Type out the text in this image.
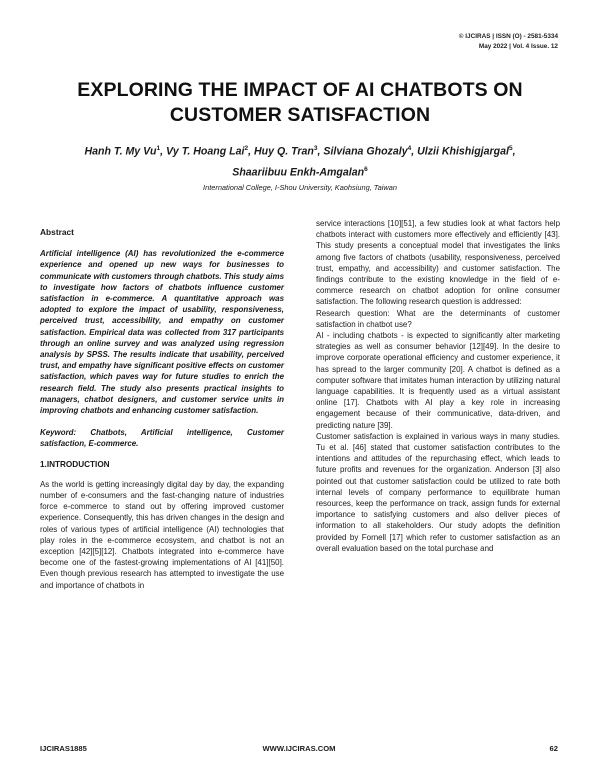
© IJCIRAS | ISSN (O) - 2581-5334
May 2022 | Vol. 4 Issue. 12
EXPLORING THE IMPACT OF AI CHATBOTS ON
CUSTOMER SATISFACTION
Hanh T. My Vu$^1$, Vy T. Hoang Lai$^2$, Huy Q. Tran$^3$, Silviana Ghozaly$^4$, Ulzii Khishigjargal$^5$,
Shaariibuu Enkh-Amgalan$^6$
International College, I-Shou University, Kaohsiung, Taiwan

Abstract

Artificial intelligence (AI) has revolutionized the e-commerce experience and opened up new ways for businesses to communicate with customers through chatbots. This study aims to investigate how factors of chatbots influence customer satisfaction in e-commerce. A quantitative approach was adopted to explore the impact of usability, responsiveness, perceived trust, accessibility, and empathy on customer satisfaction. Empirical data was collected from 317 participants through an online survey and was analyzed using regression analysis by SPSS. The results indicate that usability, perceived trust, and empathy have significant positive effects on customer satisfaction, which paves way for future studies to enrich the research field. The study also presents practical insights to managers, chatbot designers, and customer service units in improving chatbots and enhancing customer satisfaction.

Keyword: Chatbots, Artificial intelligence, Customer satisfaction, E-commerce.

1.INTRODUCTION

As the world is getting increasingly digital day by day, the expanding number of e-consumers and the fast-changing nature of industries force e-commerce to stand out by offering improved customer experience. Consequently, this has driven changes in the design and roles of various types of artificial intelligence (AI) technologies that play roles in the e-commerce ecosystem, and chatbot is not an exception [42][5][12]. Chatbots integrated into e-commerce have become one of the fastest-growing implementations of AI [41][50]. Even though previous research has attempted to investigate the use and importance of chatbots in

service interactions [10][51], a few studies look at what factors help chatbots interact with customers more effectively and efficiently [43]. This study presents a conceptual model that investigates the links among five factors of chatbots (usability, responsiveness, perceived trust, empathy, and accessibility) and customer satisfaction. The findings contribute to the existing knowledge in the field of e-commerce research on chatbot adoption for online consumer satisfaction. The following research question is addressed:

Research question: What are the determinants of customer satisfaction in chatbot use?

AI - including chatbots - is expected to significantly alter marketing strategies as well as consumer behavior [12][49]. In the desire to improve corporate operational efficiency and customer experience, it has spread to the larger community [20]. A chatbot is defined as a computer software that imitates human interaction by utilizing natural language capabilities. It is frequently used as a virtual assistant online [17]. Chatbots with AI play a key role in increasing engagement because of their communicative, data-driven, and predicting nature [39].

Customer satisfaction is explained in various ways in many studies. Tu et al. [46] stated that customer satisfaction contributes to the intentions and attitudes of the repurchasing effect, which leads to future profits and revenues for the organization. Anderson [3] also pointed out that customer satisfaction could be utilized to rate both internal levels of company performance to equilibrate human resources, keep the performance on track, assign funds for external importance to satisfying customers and also deliver pieces of information to all stakeholders. Our study adopts the definition provided by Fornell [17] which refer to customer satisfaction as an overall evaluation based on the total purchase and

IJCIRAS1885	WWW.IJCIRAS.COM	62
